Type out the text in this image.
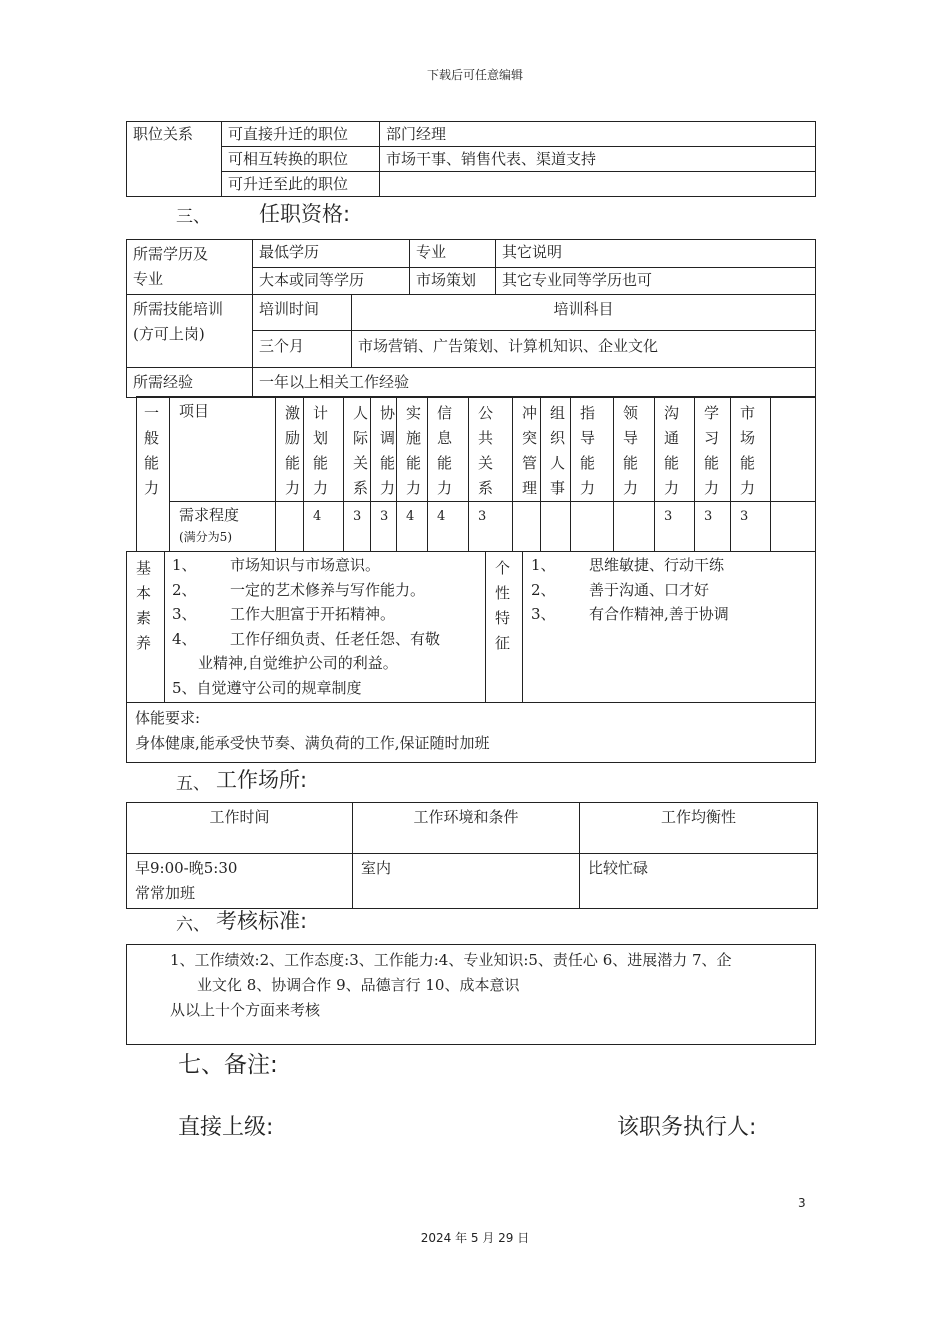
下载后可任意编辑
职位关系	可直接升迁的职位	部门经理
	可相互转换的职位	市场干事、销售代表、渠道支持
	可升迁至此的职位	
三、 任职资格:
所需学历及
专业	最低学历		专业	其它说明
	大本或同等学历		市场策划	其它专业同等学历也可

所需技能培训
(方可上岗)	培训时间	培训科目		
	三个月	市场营销、广告策划、计算机知识、企业文化		
所需经验	一年以上相关工作经验			
一般能力	项目	激励能力	计划能力	人际关系	协调能力	实施能力	信息能力	公共关系	冲突管理	组织人事	指导能力	领导能力	沟通能力	学习能力	市场能力	

	需求程度
(满分为5)		4	3	3	4	4	3					3	3	3	
基本素养

1、	市场知识与市场意识。
2、	一定的艺术修养与写作能力。
3、	工作大胆富于开拓精神。
4、	工作仔细负责、任老任怨、有敬
业精神,自觉维护公司的利益。
5、自觉遵守公司的规章制度

个性特征

1、	思维敏捷、行动干练
2、	善于沟通、口才好
3、	有合作精神,善于协调

体能要求:
身体健康,能承受快节奏、满负荷的工作,保证随时加班
五、 工作场所:
工作时间	工作环境和条件	工作均衡性

早9:00-晚5:30
常常加班	室内	比较忙碌
六、 考核标准:
1、工作绩效:2、工作态度:3、工作能力:4、专业知识:5、责任心 6、进展潜力 7、企
业文化 8、协调合作 9、品德言行 10、成本意识
从以上十个方面来考核
七、备注:
直接上级:	该职务执行人:
3
2024 年 5 月 29 日
